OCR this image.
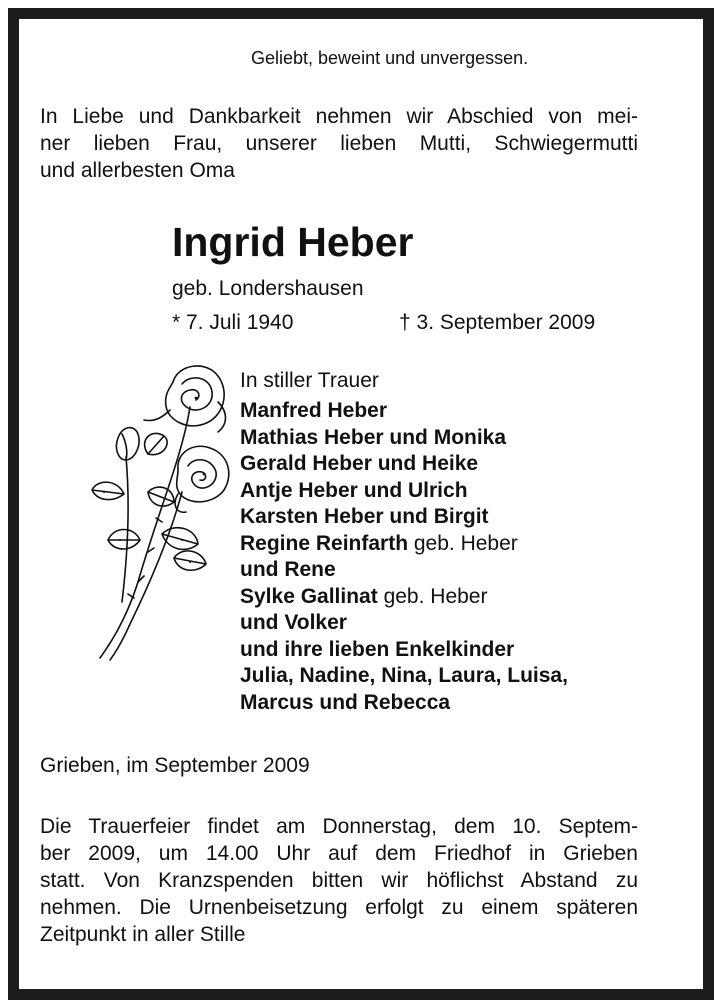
Geliebt, beweint und unvergessen.

In Liebe und Dankbarkeit nehmen wir Abschied von mei-

ner lieben Frau, unserer lieben Mutti, Schwiegermutti

und allerbesten Oma

Ingrid Heber
geb. Londershausen
* 7. Juli 1940	† 3. September 2009
In stiller Trauer
Manfred Heber
Mathias Heber und Monika
Gerald Heber und Heike
Antje Heber und Ulrich
Karsten Heber und Birgit
Regine Reinfarth geb. Heber
und Rene
Sylke Gallinat geb. Heber
und Volker
und ihre lieben Enkelkinder
Julia, Nadine, Nina, Laura, Luisa,
Marcus und Rebecca
Grieben, im September 2009

Die Trauerfeier findet am Donnerstag, dem 10. Septem-

ber 2009, um 14.00 Uhr auf dem Friedhof in Grieben

statt. Von Kranzspenden bitten wir höflichst Abstand zu

nehmen. Die Urnenbeisetzung erfolgt zu einem späteren

Zeitpunkt in aller Stille
